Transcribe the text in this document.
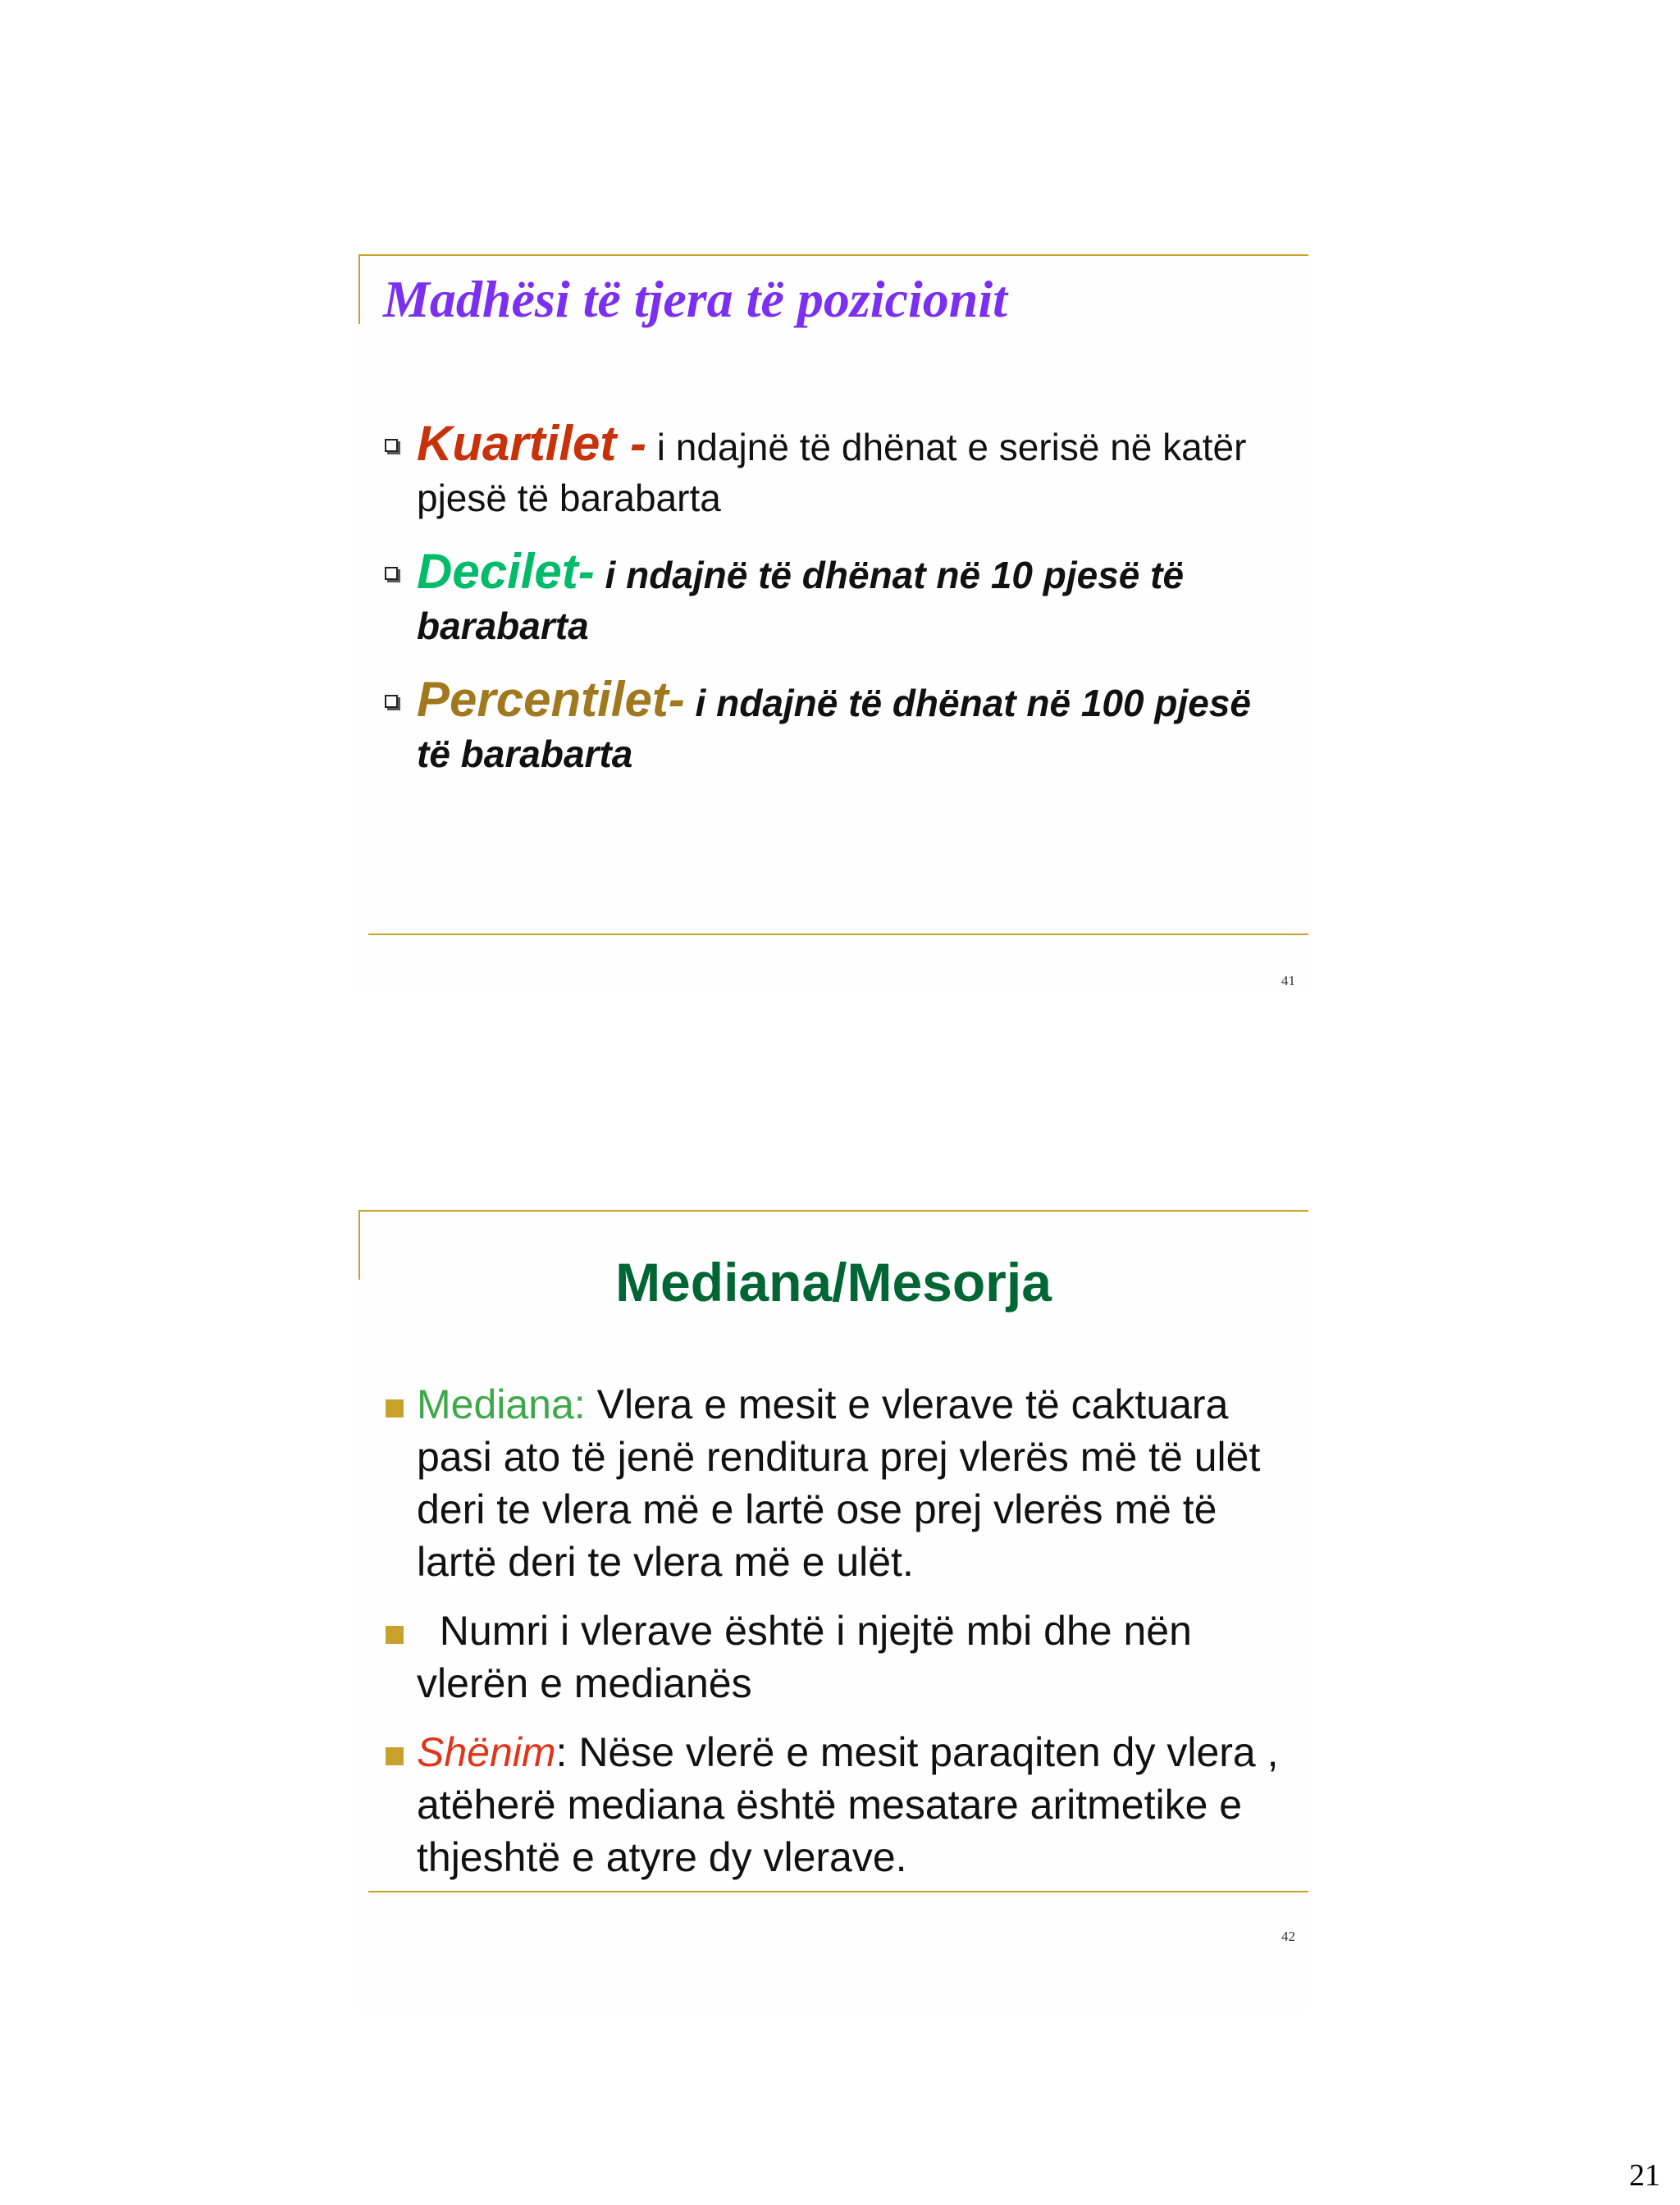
Madhësi të tjera të pozicionit
Kuartilet - i ndajnë të dhënat e serisë në katër pjesë të barabarta
Decilet- i ndajnë të dhënat në 10 pjesë të barabarta
Percentilet- i ndajnë të dhënat në 100 pjesë të barabarta
41
Mediana/Mesorja
Mediana: Vlera e mesit e vlerave të caktuara pasi ato të jenë renditura prej vlerës më të ulët deri te vlera më e lartë ose prej vlerës më të lartë deri te vlera më e ulët.
Numri i vlerave është i njejtë mbi dhe nën vlerën e medianës
Shënim: Nëse vlerë e mesit paraqiten dy vlera , atëherë mediana është mesatare aritmetike e thjeshtë e atyre dy vlerave.
42
21
